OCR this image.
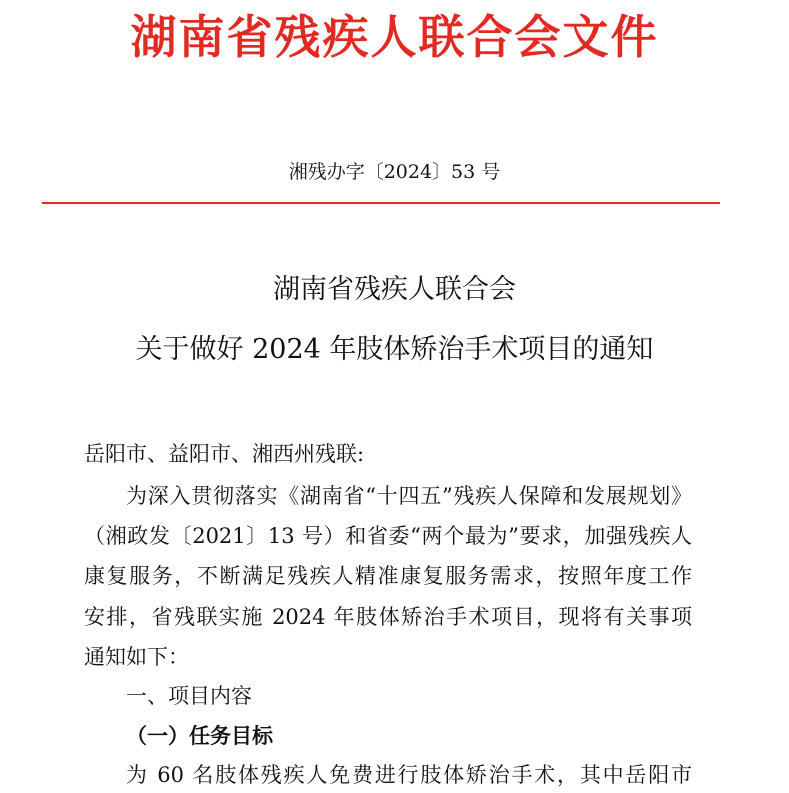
湖南省残疾人联合会文件
湘残办字〔2024〕53 号
湖南省残疾人联合会
关于做好 2024 年肢体矫治手术项目的通知
岳阳市、益阳市、湘西州残联:
为深入贯彻落实《湖南省“十四五”残疾人保障和发展规划》
（湘政发〔2021〕13 号）和省委“两个最为”要求，加强残疾人
康复服务，不断满足残疾人精准康复服务需求，按照年度工作
安排，省残联实施 2024 年肢体矫治手术项目，现将有关事项
通知如下：
一、项目内容
（一）任务目标
为 60 名肢体残疾人免费进行肢体矫治手术，其中岳阳市
